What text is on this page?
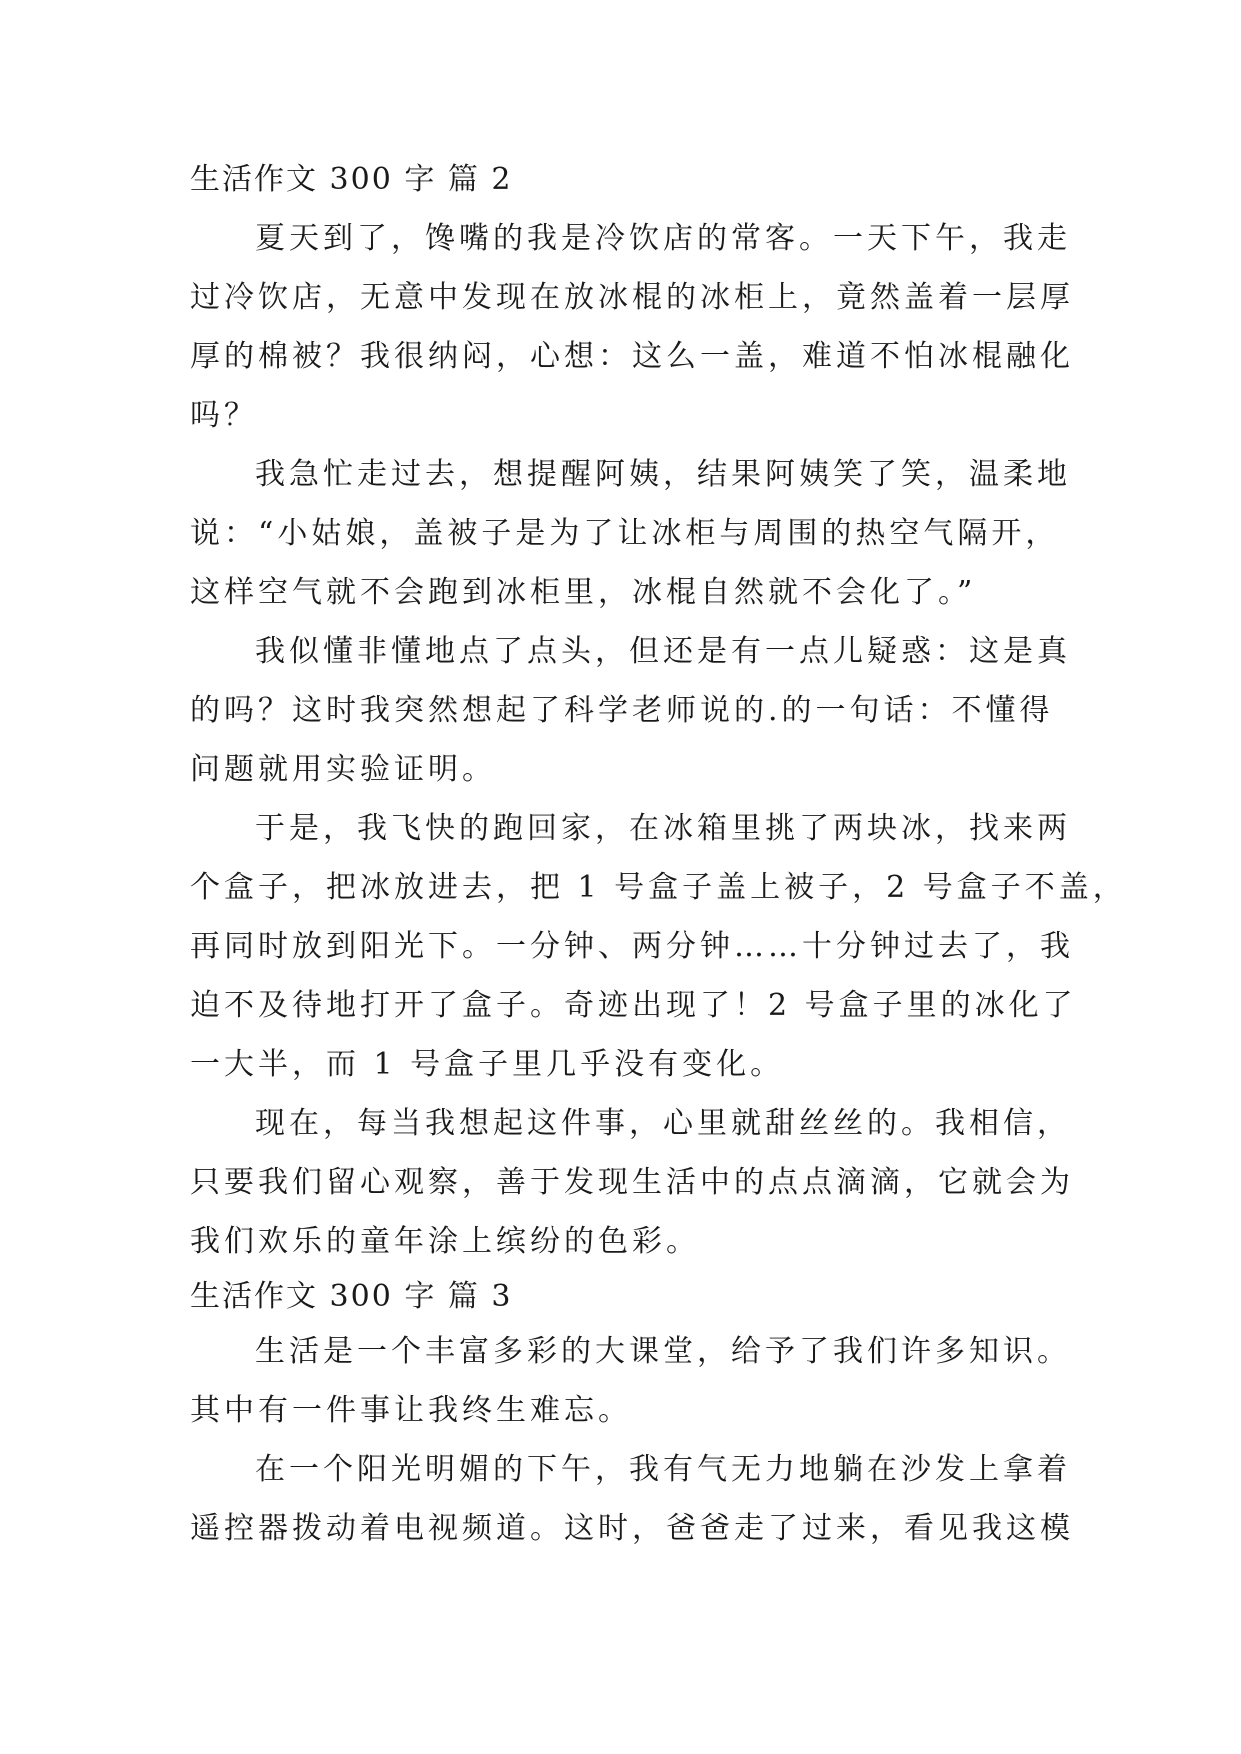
生活作文 300 字 篇 2
夏天到了，馋嘴的我是冷饮店的常客。一天下午，我走
过冷饮店，无意中发现在放冰棍的冰柜上，竟然盖着一层厚
厚的棉被？我很纳闷，心想：这么一盖，难道不怕冰棍融化
吗？
我急忙走过去，想提醒阿姨，结果阿姨笑了笑，温柔地
说：“小姑娘，盖被子是为了让冰柜与周围的热空气隔开，
这样空气就不会跑到冰柜里，冰棍自然就不会化了。”
我似懂非懂地点了点头，但还是有一点儿疑惑：这是真
的吗？这时我突然想起了科学老师说的.的一句话：不懂得
问题就用实验证明。
于是，我飞快的跑回家，在冰箱里挑了两块冰，找来两
个盒子，把冰放进去，把 1 号盒子盖上被子，2 号盒子不盖，
再同时放到阳光下。一分钟、两分钟……十分钟过去了，我
迫不及待地打开了盒子。奇迹出现了！2 号盒子里的冰化了
一大半，而 1 号盒子里几乎没有变化。
现在，每当我想起这件事，心里就甜丝丝的。我相信，
只要我们留心观察，善于发现生活中的点点滴滴，它就会为
我们欢乐的童年涂上缤纷的色彩。
生活作文 300 字 篇 3
生活是一个丰富多彩的大课堂，给予了我们许多知识。
其中有一件事让我终生难忘。
在一个阳光明媚的下午，我有气无力地躺在沙发上拿着
遥控器拨动着电视频道。这时，爸爸走了过来，看见我这模
